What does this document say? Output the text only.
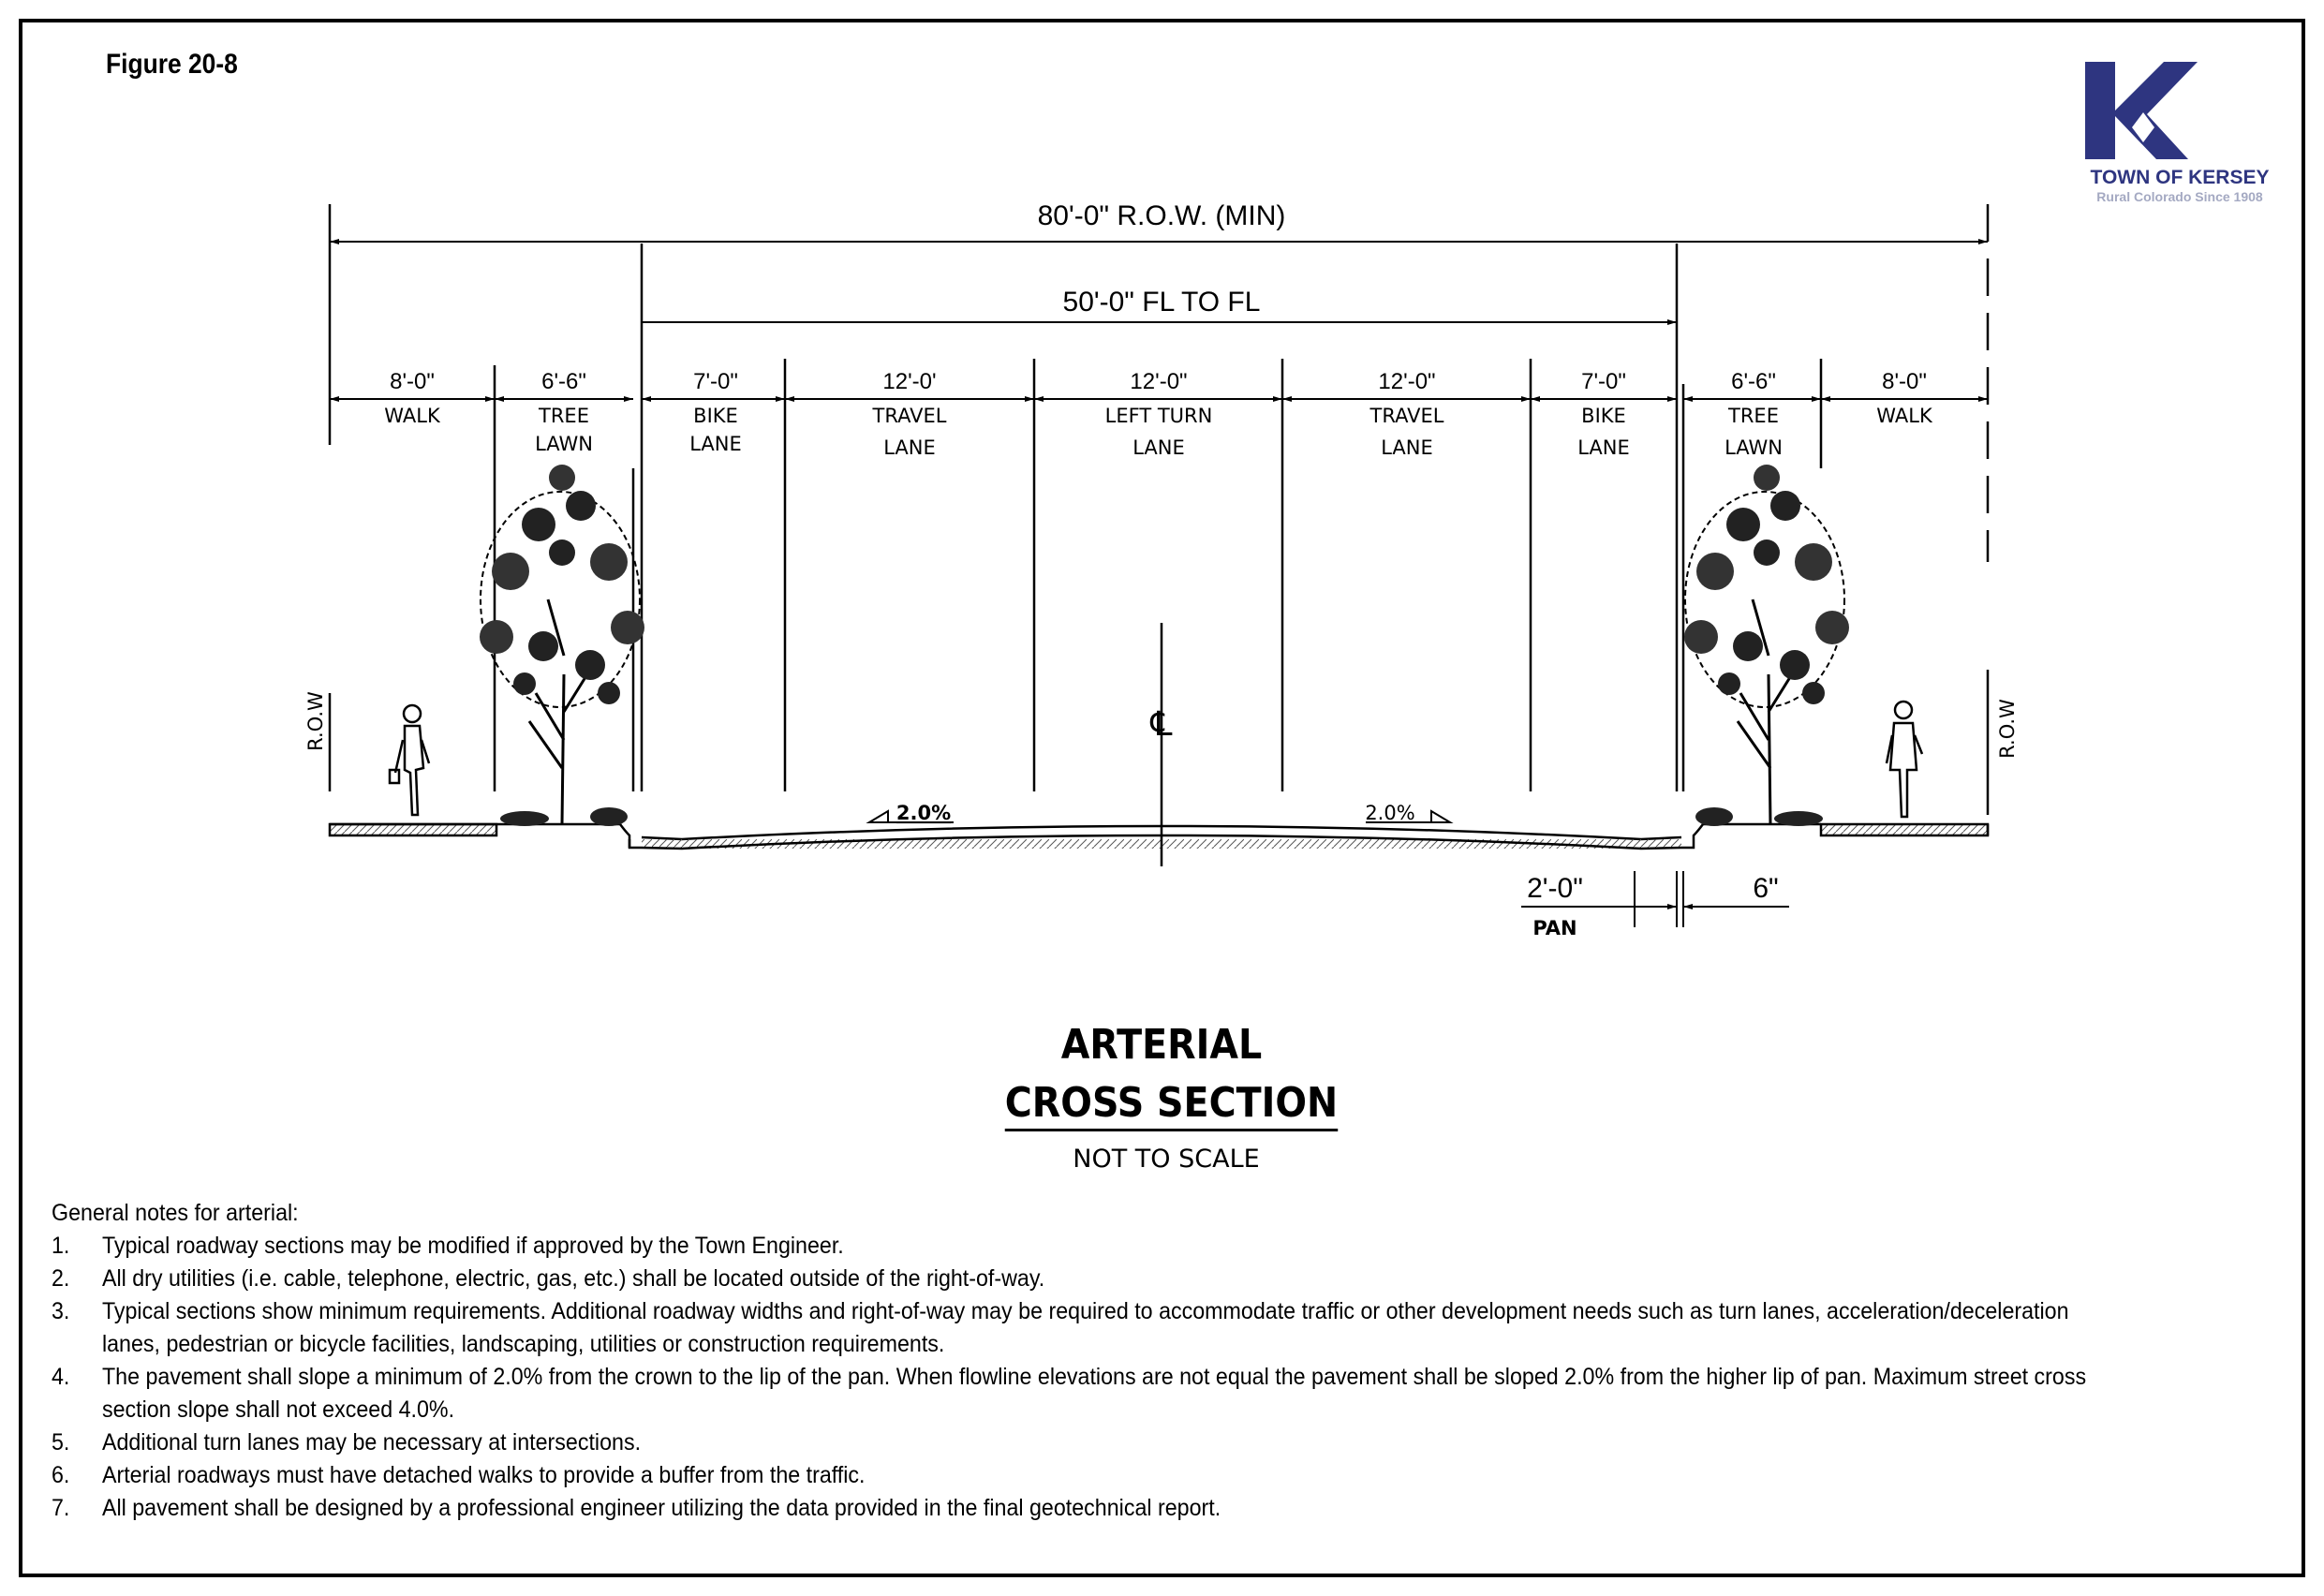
Figure 20-8
TOWN OF KERSEY
Rural Colorado Since 1908
80'-0" R.O.W. (MIN)
50'-0" FL TO FL
8'-0"	6'-6"	7'-0"	12'-0'	12'-0"	12'-0"	7'-0"	6'-6"	8'-0"
WALK	TREE
LAWN
BIKE
LANE
TRAVEL
LANE
LEFT TURN
LANE
TRAVEL
LANE
BIKE
LANE
TREE
LAWN
WALK
R.O.W	R.O.W
2.0%	2.0%
℄
2'-0"
PAN
6"
ARTERIAL
CROSS SECTION
NOT TO SCALE

General notes for arterial:

1. Typical roadway sections may be modified if approved by the Town Engineer.
2. All dry utilities (i.e. cable, telephone, electric, gas, etc.) shall be located outside of the right-of-way.
3. Typical sections show minimum requirements. Additional roadway widths and right-of-way may be required to accommodate traffic or other development needs such as turn lanes, acceleration/deceleration lanes, pedestrian or bicycle facilities, landscaping, utilities or construction requirements.
4. The pavement shall slope a minimum of 2.0% from the crown to the lip of the pan. When flowline elevations are not equal the pavement shall be sloped 2.0% from the higher lip of pan. Maximum street cross section slope shall not exceed 4.0%.
5. Additional turn lanes may be necessary at intersections.
6. Arterial roadways must have detached walks to provide a buffer from the traffic.
7. All pavement shall be designed by a professional engineer utilizing the data provided in the final geotechnical report.
